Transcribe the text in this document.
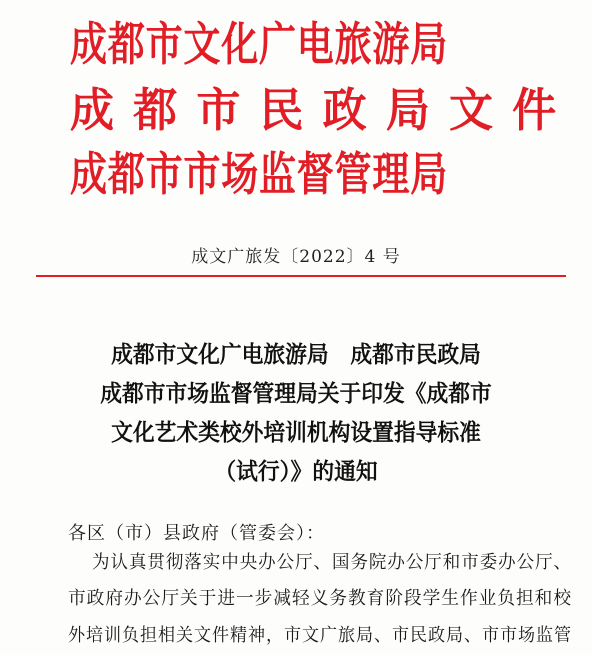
成都市文化广电旅游局
成 都 市 民 政 局 文 件
成都市市场监督管理局
成文广旅发〔2022〕4 号
成都市文化广电旅游局　成都市民政局
成都市市场监督管理局关于印发《成都市
文化艺术类校外培训机构设置指导标准
（试行）》的通知
各区（市）县政府（管委会）：
为认真贯彻落实中央办公厅、国务院办公厅和市委办公厅、
市政府办公厅关于进一步减轻义务教育阶段学生作业负担和校
外培训负担相关文件精神，市文广旅局、市民政局、市市场监管
